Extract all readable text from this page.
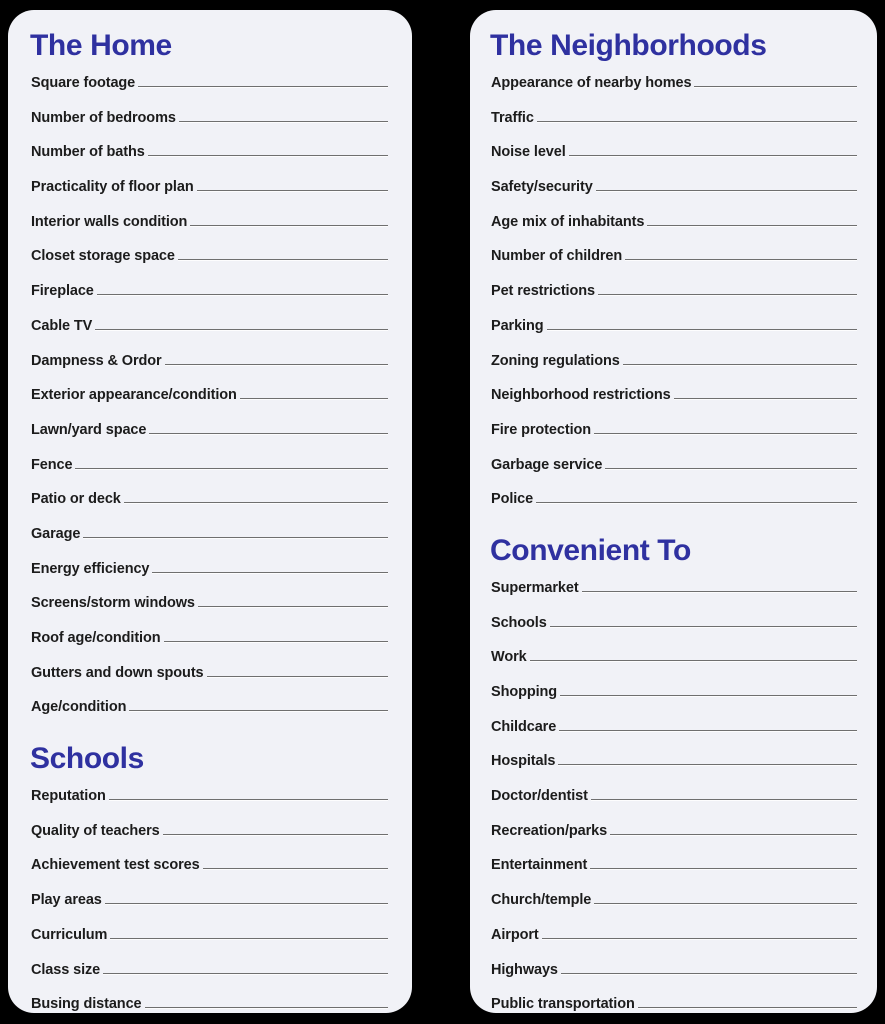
The Home
Square footage
Number of bedrooms
Number of baths
Practicality of floor plan
Interior walls condition
Closet storage space
Fireplace
Cable TV
Dampness & Ordor
Exterior appearance/condition
Lawn/yard space
Fence
Patio or deck
Garage
Energy efficiency
Screens/storm windows
Roof age/condition
Gutters and down spouts
Age/condition
Schools
Reputation
Quality of teachers
Achievement test scores
Play areas
Curriculum
Class size
Busing distance
The Neighborhoods
Appearance of nearby homes
Traffic
Noise level
Safety/security
Age mix of inhabitants
Number of children
Pet restrictions
Parking
Zoning regulations
Neighborhood restrictions
Fire protection
Garbage service
Police
Convenient To
Supermarket
Schools
Work
Shopping
Childcare
Hospitals
Doctor/dentist
Recreation/parks
Entertainment
Church/temple
Airport
Highways
Public transportation
